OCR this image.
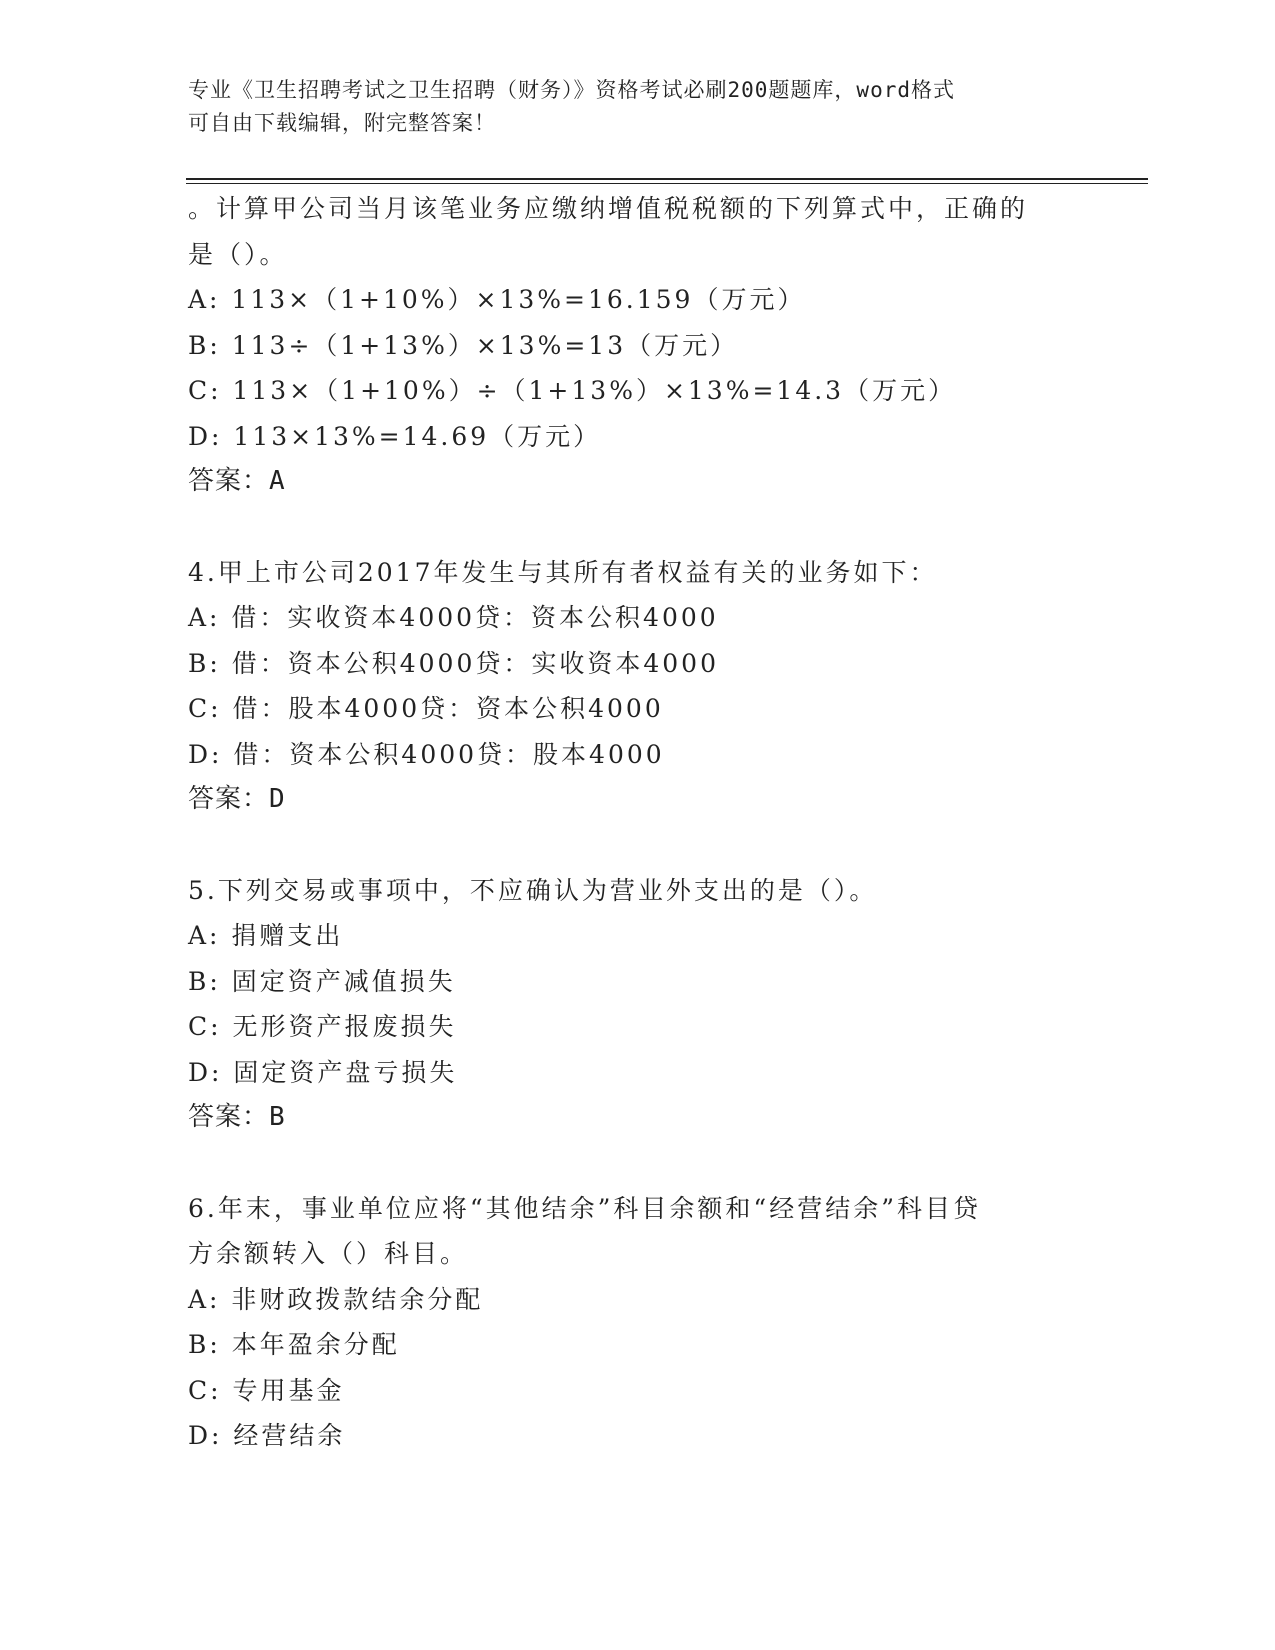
专业《卫生招聘考试之卫生招聘（财务）》资格考试必刷200题题库，word格式
可自由下载编辑，附完整答案！
。计算甲公司当月该笔业务应缴纳增值税税额的下列算式中，正确的
是（）。
A: 113×（1+10%）×13%=16.159（万元）
B: 113÷（1+13%）×13%=13（万元）
C: 113×（1+10%）÷（1+13%）×13%=14.3（万元）
D: 113×13%=14.69（万元）
答案：A
4.甲上市公司2017年发生与其所有者权益有关的业务如下：
A: 借：实收资本4000贷：资本公积4000
B: 借：资本公积4000贷：实收资本4000
C: 借：股本4000贷：资本公积4000
D: 借：资本公积4000贷：股本4000
答案：D
5.下列交易或事项中，不应确认为营业外支出的是（）。
A: 捐赠支出
B: 固定资产减值损失
C: 无形资产报废损失
D: 固定资产盘亏损失
答案：B
6.年末，事业单位应将“其他结余”科目余额和“经营结余”科目贷
方余额转入（）科目。
A: 非财政拨款结余分配
B: 本年盈余分配
C: 专用基金
D: 经营结余
